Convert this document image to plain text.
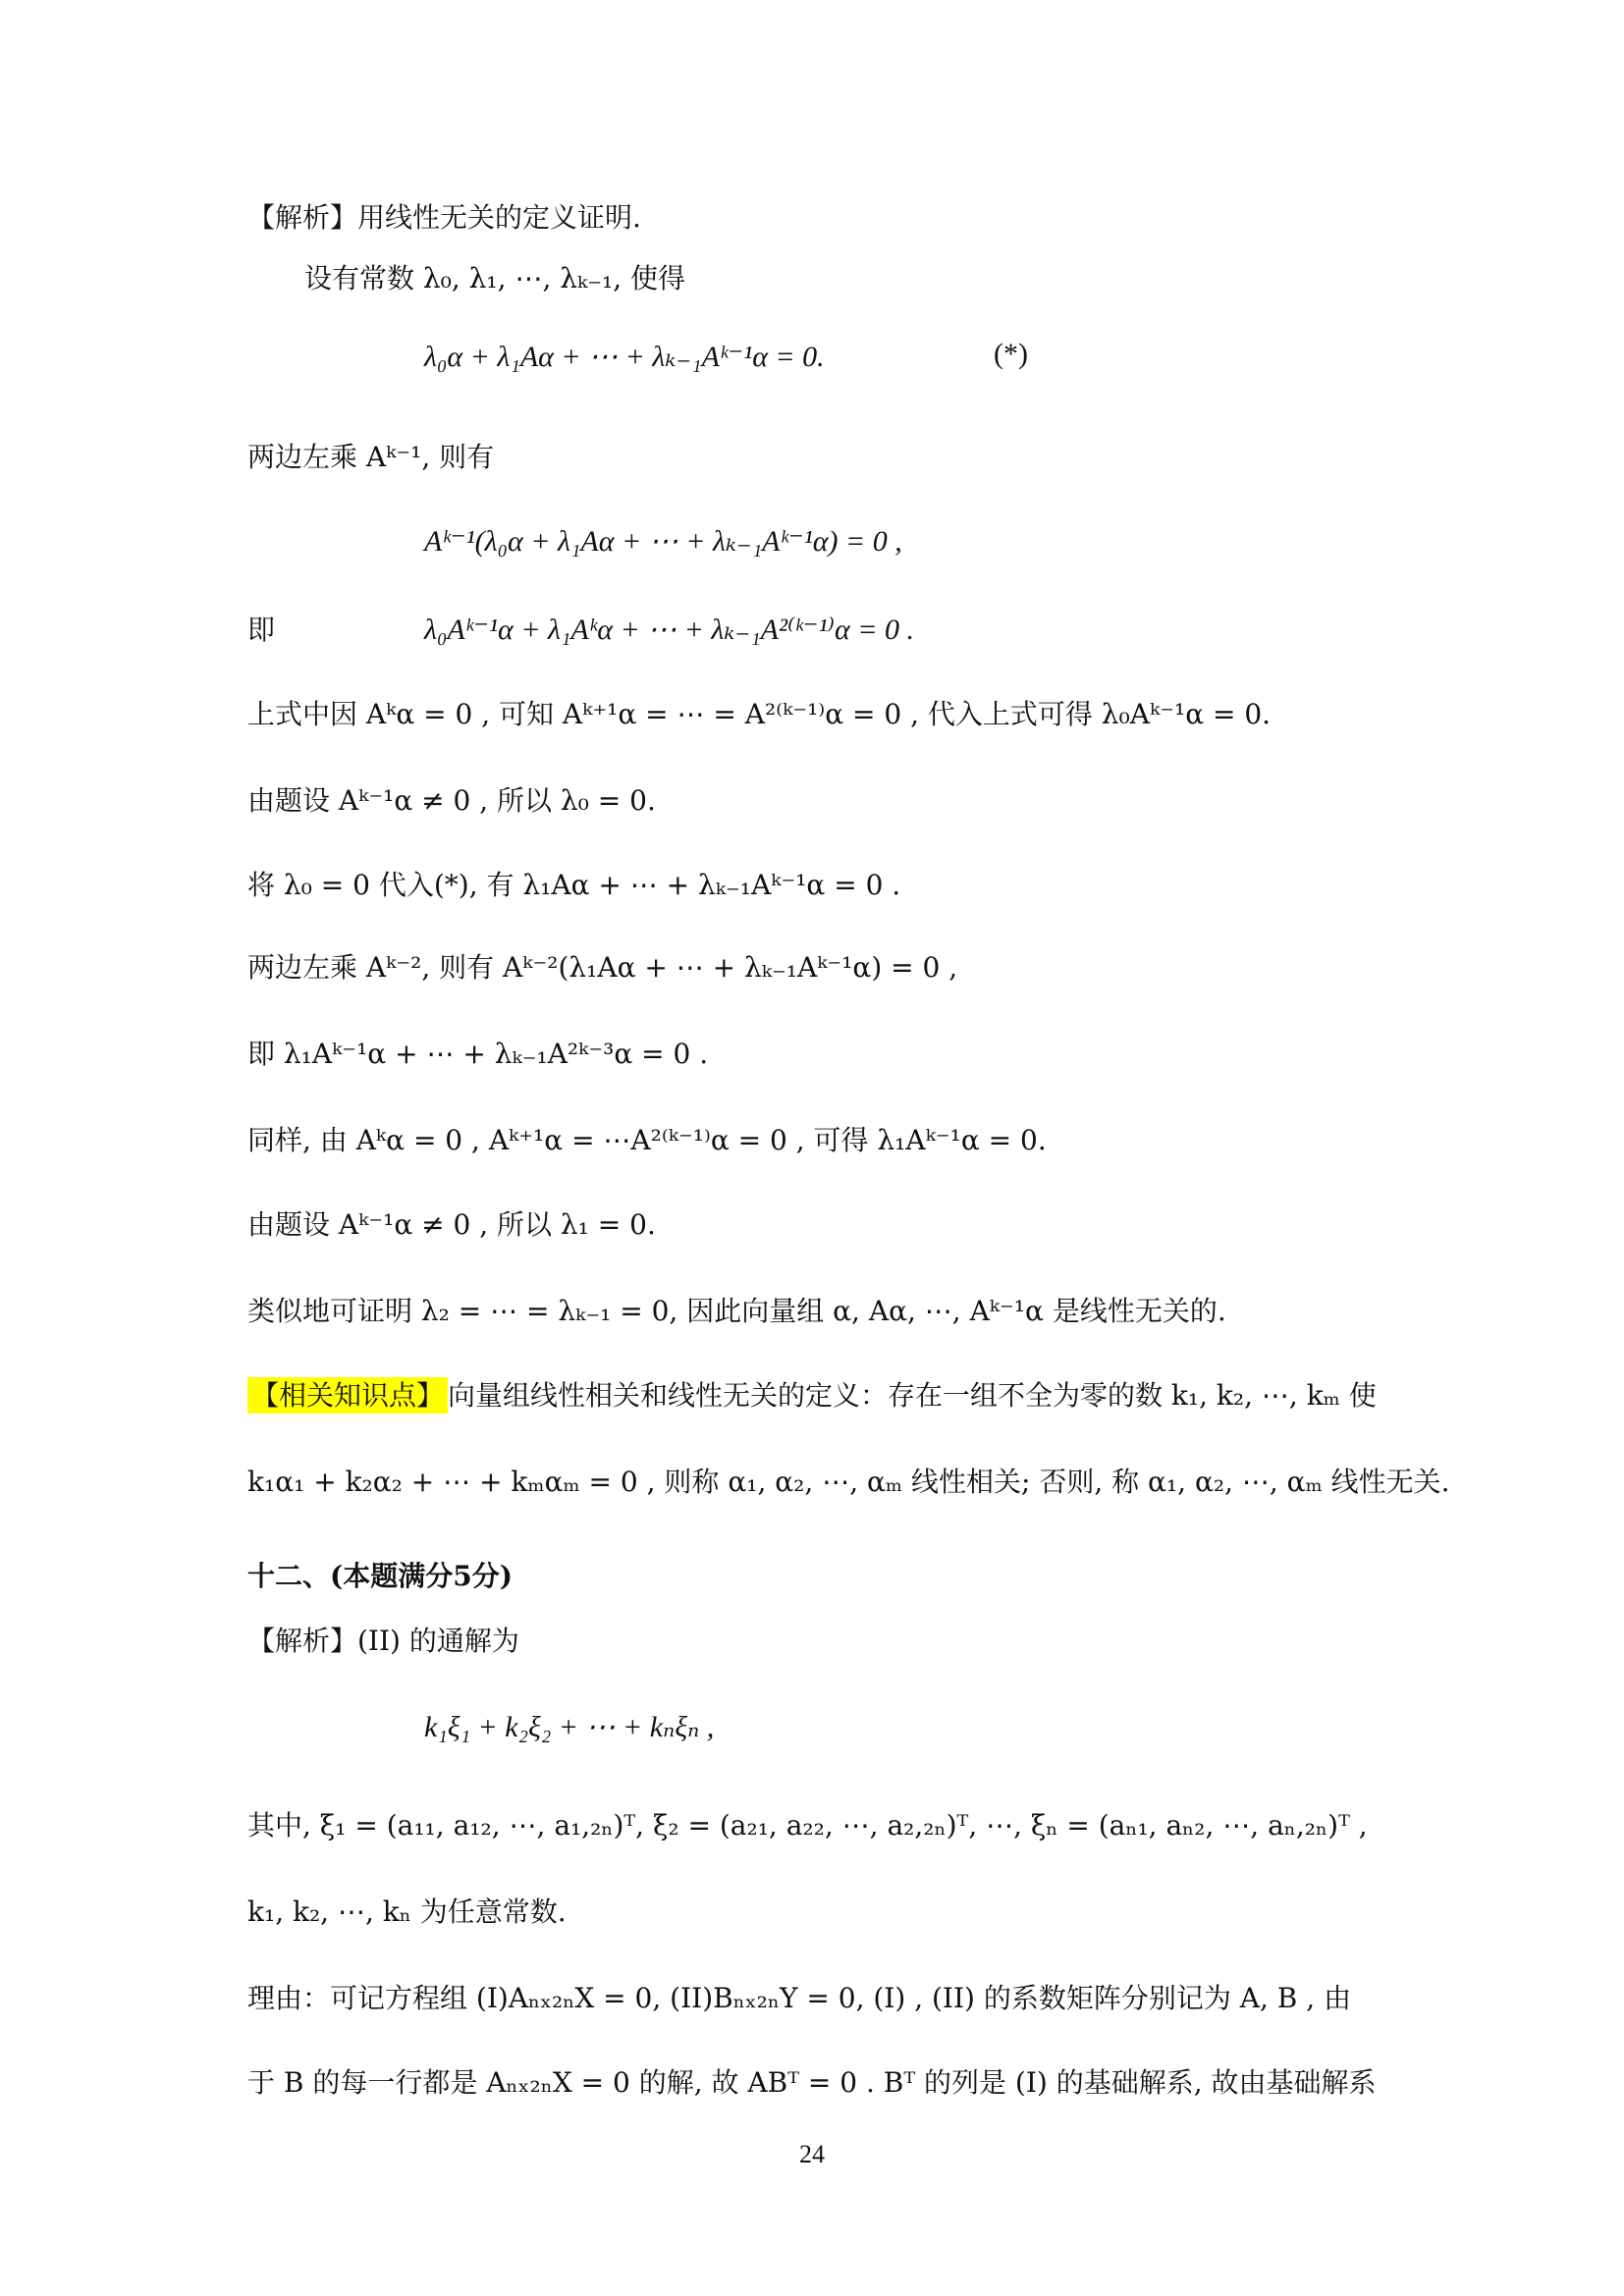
【解析】用线性无关的定义证明.
设有常数 λ₀, λ₁, ⋯, λₖ₋₁, 使得
λ₀α + λ₁Aα + ⋯ + λₖ₋₁Aᵏ⁻¹α = 0.	(*)
两边左乘 Aᵏ⁻¹, 则有
Aᵏ⁻¹(λ₀α + λ₁Aα + ⋯ + λₖ₋₁Aᵏ⁻¹α) = 0 ,
即	λ₀Aᵏ⁻¹α + λ₁Aᵏα + ⋯ + λₖ₋₁A²⁽ᵏ⁻¹⁾α = 0 .
上式中因 Aᵏα = 0 , 可知 Aᵏ⁺¹α = ⋯ = A²⁽ᵏ⁻¹⁾α = 0 , 代入上式可得 λ₀Aᵏ⁻¹α = 0.
由题设 Aᵏ⁻¹α ≠ 0 , 所以 λ₀ = 0.
将 λ₀ = 0 代入(*), 有 λ₁Aα + ⋯ + λₖ₋₁Aᵏ⁻¹α = 0 .
两边左乘 Aᵏ⁻², 则有 Aᵏ⁻²(λ₁Aα + ⋯ + λₖ₋₁Aᵏ⁻¹α) = 0 ,
即 λ₁Aᵏ⁻¹α + ⋯ + λₖ₋₁A²ᵏ⁻³α = 0 .
同样, 由 Aᵏα = 0 , Aᵏ⁺¹α = ⋯A²⁽ᵏ⁻¹⁾α = 0 , 可得 λ₁Aᵏ⁻¹α = 0.
由题设 Aᵏ⁻¹α ≠ 0 , 所以 λ₁ = 0.
类似地可证明 λ₂ = ⋯ = λₖ₋₁ = 0, 因此向量组 α, Aα, ⋯, Aᵏ⁻¹α 是线性无关的.
【相关知识点】 向量组线性相关和线性无关的定义：存在一组不全为零的数 k₁, k₂, ⋯, kₘ 使
k₁α₁ + k₂α₂ + ⋯ + kₘαₘ = 0 , 则称 α₁, α₂, ⋯, αₘ 线性相关; 否则, 称 α₁, α₂, ⋯, αₘ 线性无关.
十二、(本题满分5分)
【解析】(II) 的通解为
k₁ξ₁ + k₂ξ₂ + ⋯ + kₙξₙ ,
其中, ξ₁ = (a₁₁, a₁₂, ⋯, a₁,₂ₙ)ᵀ, ξ₂ = (a₂₁, a₂₂, ⋯, a₂,₂ₙ)ᵀ, ⋯, ξₙ = (aₙ₁, aₙ₂, ⋯, aₙ,₂ₙ)ᵀ ,
k₁, k₂, ⋯, kₙ 为任意常数.
理由：可记方程组 (I)Aₙₓ₂ₙX = 0, (II)Bₙₓ₂ₙY = 0, (I) , (II) 的系数矩阵分别记为 A, B , 由
于 B 的每一行都是 Aₙₓ₂ₙX = 0 的解, 故 ABᵀ = 0 . Bᵀ 的列是 (I) 的基础解系, 故由基础解系
24
